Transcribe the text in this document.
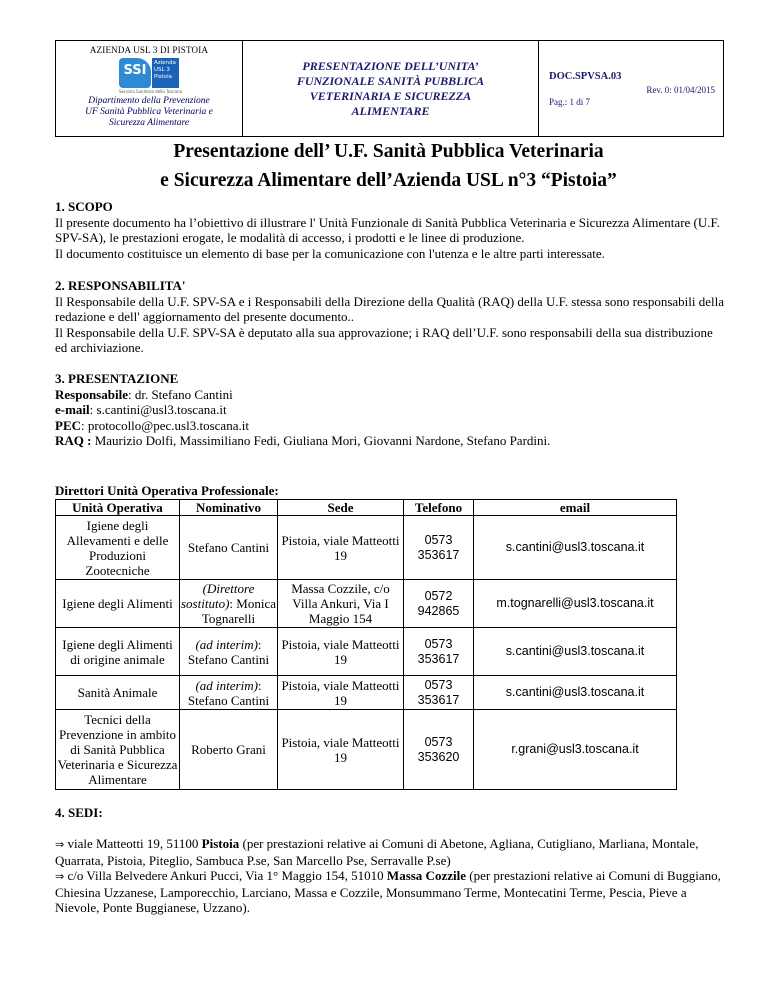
AZIENDA USL 3 DI PISTOIA
SSI	Azienda
USL 3
Pistoia
Servizio Sanitario della Toscana
Dipartimento della Prevenzione
UF Sanità Pubblica Veterinaria e
Sicurezza Alimentare
PRESENTAZIONE DELL’UNITA’
FUNZIONALE SANITÀ PUBBLICA
VETERINARIA E SICUREZZA
ALIMENTARE
DOC.SPVSA.03
Rev. 0: 01/04/2015
Pag.: 1 di 7
Presentazione dell’ U.F. Sanità Pubblica Veterinaria
e Sicurezza Alimentare dell’Azienda USL n°3 “Pistoia”
1. SCOPO

Il presente documento ha l’obiettivo di illustrare l' Unità Funzionale di Sanità Pubblica Veterinaria e Sicurezza Alimentare (U.F. SPV-SA), le prestazioni erogate, le modalità di accesso, i prodotti e le linee di produzione.

Il documento costituisce un elemento di base per la comunicazione con l'utenza e le altre parti interessate.

2. RESPONSABILITA'

Il Responsabile della U.F. SPV-SA e i Responsabili della Direzione della Qualità (RAQ) della U.F. stessa sono responsabili della redazione e dell' aggiornamento del presente documento..

Il Responsabile della U.F. SPV-SA è deputato alla sua approvazione; i RAQ dell’U.F. sono responsabili della sua distribuzione ed archiviazione.

3. PRESENTAZIONE

Responsabile: dr. Stefano Cantini

e-mail: s.cantini@usl3.toscana.it

PEC: protocollo@pec.usl3.toscana.it

RAQ : Maurizio Dolfi, Massimiliano Fedi, Giuliana Mori, Giovanni Nardone, Stefano Pardini.

Direttori Unità Operativa Professionale:
Unità Operativa	Nominativo	Sede	Telefono	email
Igiene degli Allevamenti e delle Produzioni Zootecniche	Stefano Cantini	Pistoia, viale Matteotti 19	0573 353617	s.cantini@usl3.toscana.it
Igiene degli Alimenti	(Direttore sostituto): Monica Tognarelli	Massa Cozzile, c/o Villa Ankuri, Via I Maggio 154	0572 942865	m.tognarelli@usl3.toscana.it
Igiene degli Alimenti di origine animale	(ad interim): Stefano Cantini	Pistoia, viale Matteotti 19	0573 353617	s.cantini@usl3.toscana.it
Sanità Animale	(ad interim): Stefano Cantini	Pistoia, viale Matteotti 19	0573 353617	s.cantini@usl3.toscana.it
Tecnici della Prevenzione in ambito di Sanità Pubblica Veterinaria e Sicurezza Alimentare	Roberto Grani	Pistoia, viale Matteotti 19	0573 353620	r.grani@usl3.toscana.it
4. SEDI:

⇒ viale Matteotti 19, 51100 Pistoia (per prestazioni relative ai Comuni di Abetone, Agliana, Cutigliano, Marliana, Montale, Quarrata, Pistoia, Piteglio, Sambuca P.se, San Marcello Pse, Serravalle P.se)

⇒ c/o Villa Belvedere Ankuri Pucci, Via 1° Maggio 154, 51010 Massa Cozzile (per prestazioni relative ai Comuni di Buggiano, Chiesina Uzzanese, Lamporecchio, Larciano, Massa e Cozzile, Monsummano Terme, Montecatini Terme, Pescia, Pieve a Nievole, Ponte Buggianese, Uzzano).
